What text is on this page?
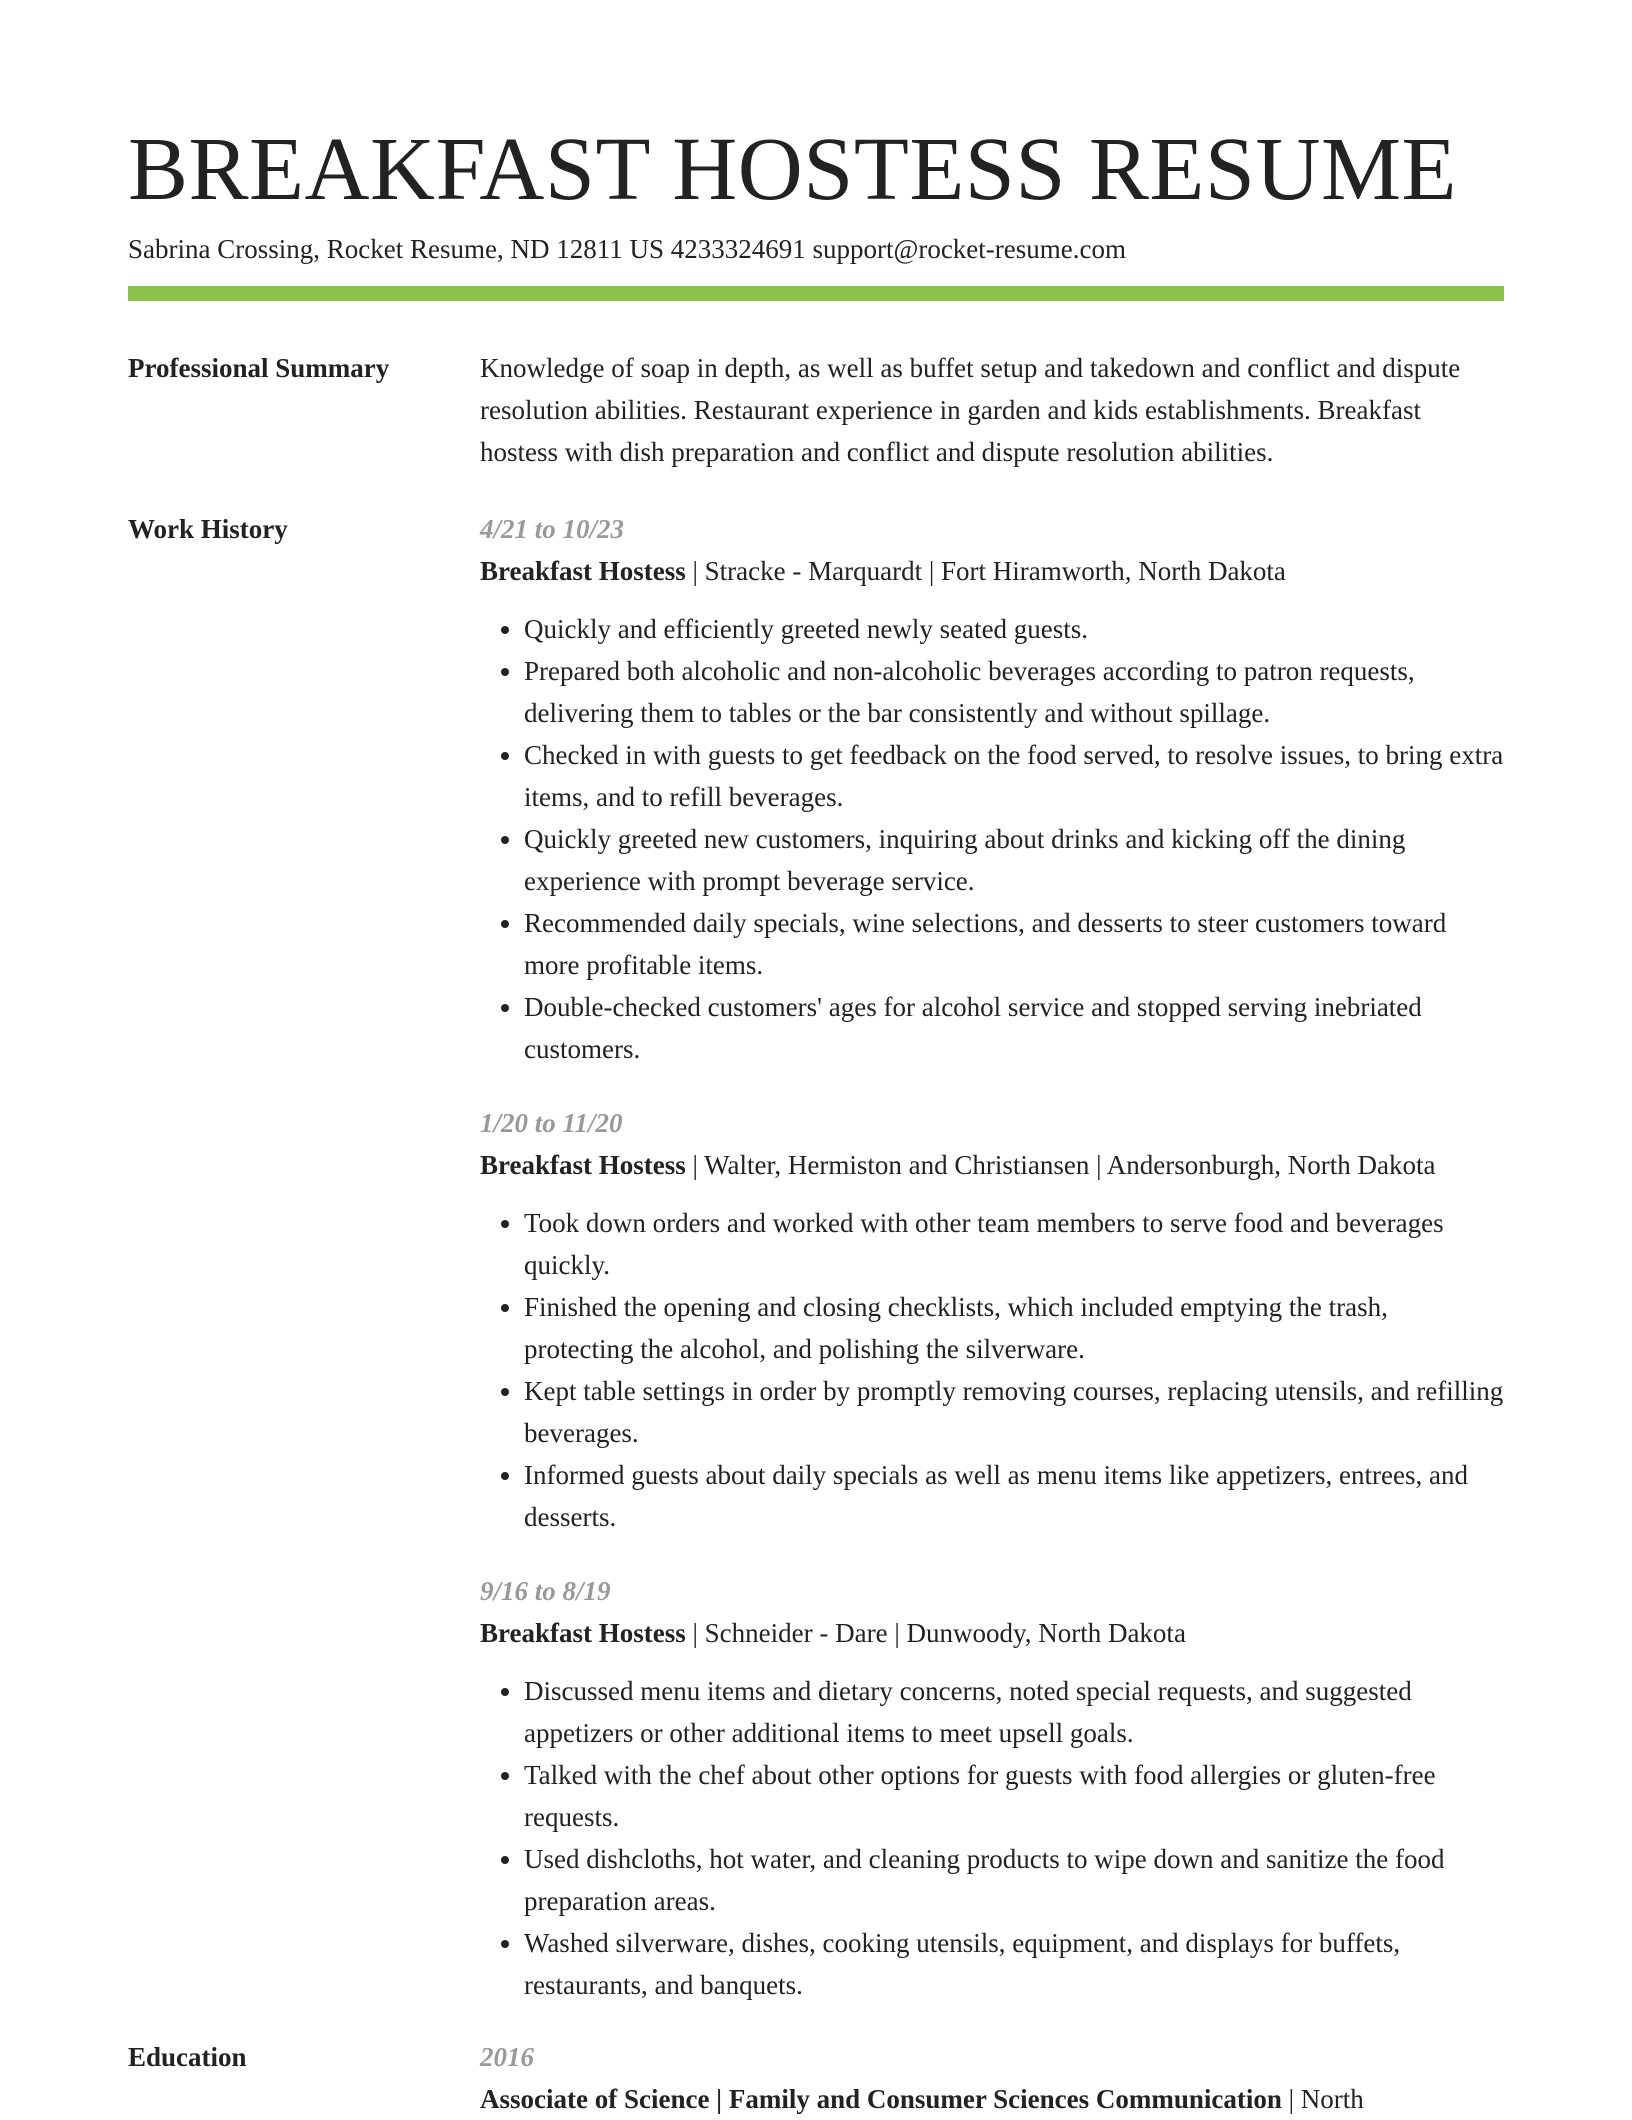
BREAKFAST HOSTESS RESUME
Sabrina Crossing, Rocket Resume, ND 12811 US 4233324691 support@rocket-resume.com
Professional Summary	Knowledge of soap in depth, as well as buffet setup and takedown and conflict and dispute resolution abilities. Restaurant experience in garden and kids establishments. Breakfast hostess with dish preparation and conflict and dispute resolution abilities.

Work History	4/21 to 10/23
Breakfast Hostess | Stracke - Marquardt | Fort Hiramworth, North Dakota
• Quickly and efficiently greeted newly seated guests.
• Prepared both alcoholic and non-alcoholic beverages according to patron requests, delivering them to tables or the bar consistently and without spillage.
• Checked in with guests to get feedback on the food served, to resolve issues, to bring extra items, and to refill beverages.
• Quickly greeted new customers, inquiring about drinks and kicking off the dining experience with prompt beverage service.
• Recommended daily specials, wine selections, and desserts to steer customers toward more profitable items.
• Double-checked customers' ages for alcohol service and stopped serving inebriated customers.
1/20 to 11/20
Breakfast Hostess | Walter, Hermiston and Christiansen | Andersonburgh, North Dakota
• Took down orders and worked with other team members to serve food and beverages quickly.
• Finished the opening and closing checklists, which included emptying the trash, protecting the alcohol, and polishing the silverware.
• Kept table settings in order by promptly removing courses, replacing utensils, and refilling beverages.
• Informed guests about daily specials as well as menu items like appetizers, entrees, and desserts.
9/16 to 8/19
Breakfast Hostess | Schneider - Dare | Dunwoody, North Dakota
• Discussed menu items and dietary concerns, noted special requests, and suggested appetizers or other additional items to meet upsell goals.
• Talked with the chef about other options for guests with food allergies or gluten-free requests.
• Used dishcloths, hot water, and cleaning products to wipe down and sanitize the food preparation areas.
• Washed silverware, dishes, cooking utensils, equipment, and displays for buffets, restaurants, and banquets.
Education	2016
Associate of Science | Family and Consumer Sciences Communication | North
